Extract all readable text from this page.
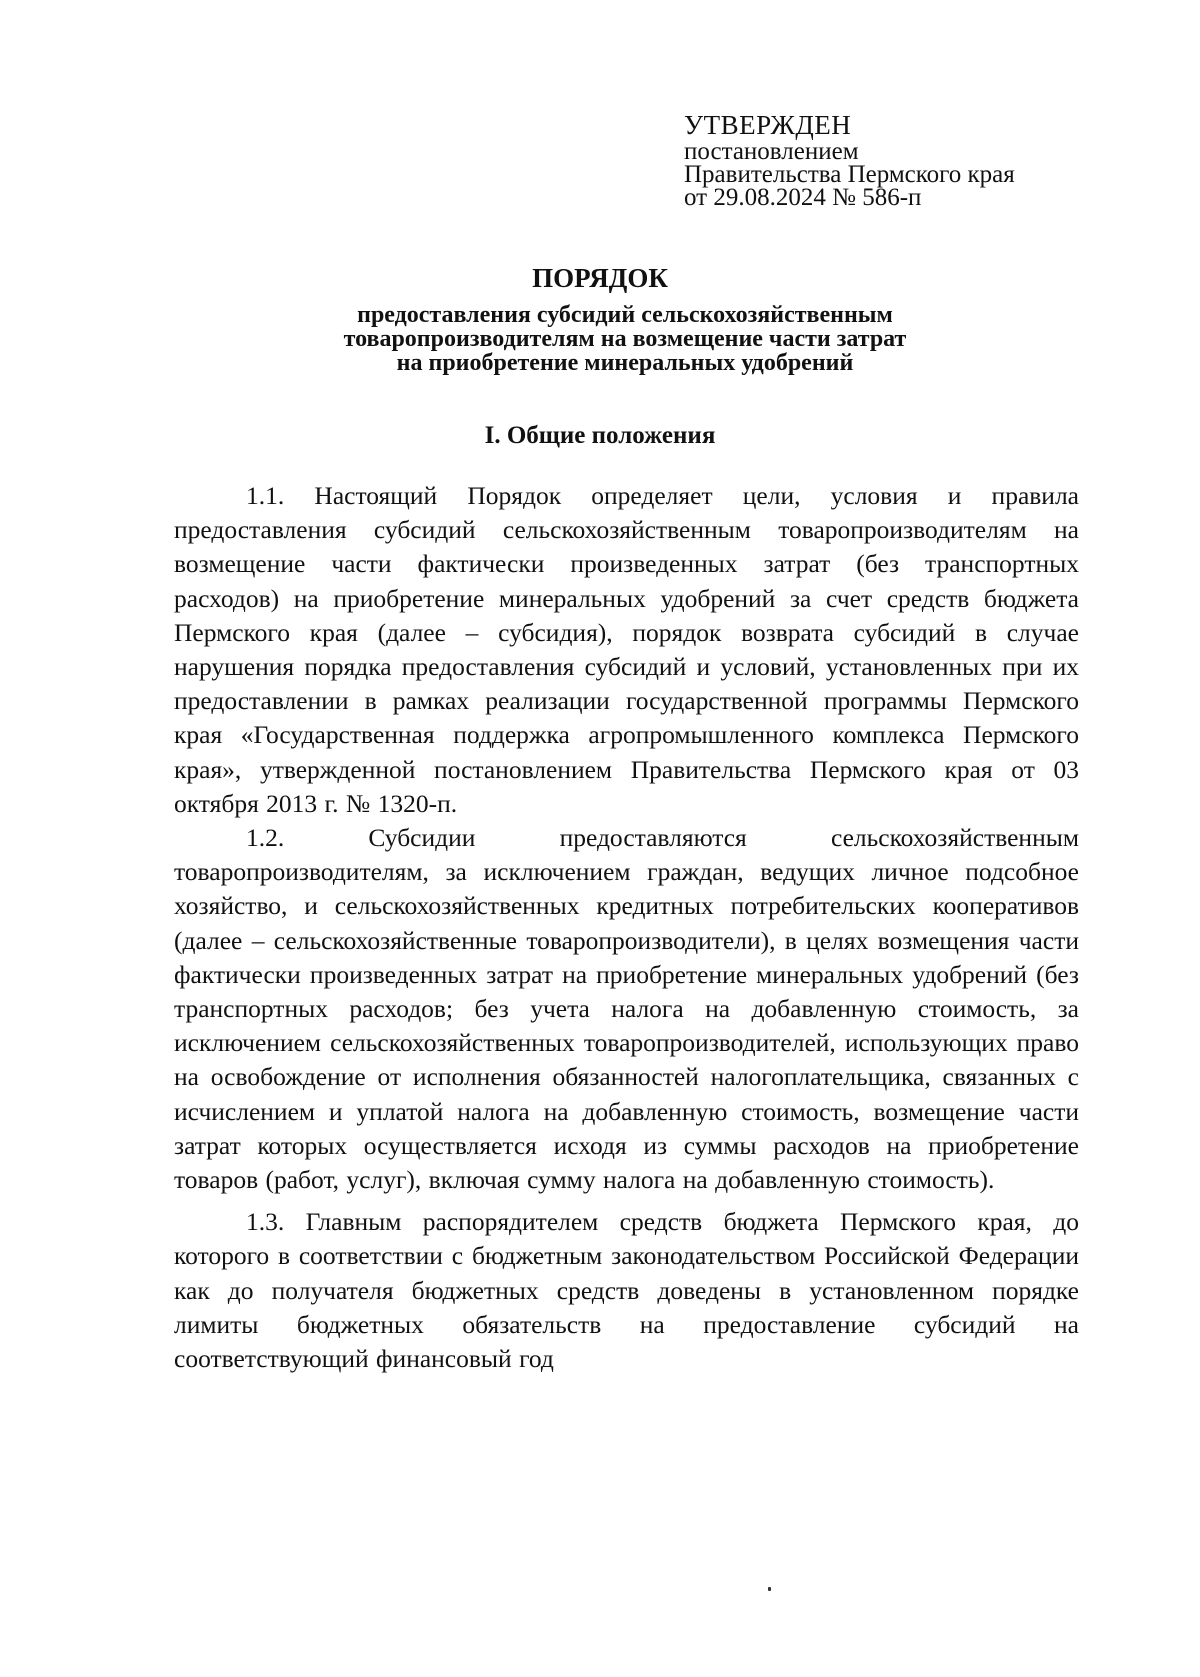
УТВЕРЖДЕН
постановлением
Правительства Пермского края
от 29.08.2024 № 586-п
ПОРЯДОК
предоставления субсидий сельскохозяйственным
товаропроизводителям на возмещение части затрат
на приобретение минеральных удобрений
I. Общие положения

1.1. Настоящий Порядок определяет цели, условия и правила предоставления субсидий сельскохозяйственным товаропроизводителям на возмещение части фактически произведенных затрат (без транспортных расходов) на приобретение минеральных удобрений за счет средств бюджета Пермского края (далее – субсидия), порядок возврата субсидий в случае нарушения порядка предоставления субсидий и условий, установленных при их предоставлении в рамках реализации государственной программы Пермского края «Государственная поддержка агропромышленного комплекса Пермского края», утвержденной постановлением Правительства Пермского края от 03 октября 2013 г. № 1320-п.

1.2. Субсидии предоставляются сельскохозяйственным товаропроизводителям, за исключением граждан, ведущих личное подсобное хозяйство, и сельскохозяйственных кредитных потребительских кооперативов (далее – сельскохозяйственные товаропроизводители), в целях возмещения части фактически произведенных затрат на приобретение минеральных удобрений (без транспортных расходов; без учета налога на добавленную стоимость, за исключением сельскохозяйственных товаропроизводителей, использующих право на освобождение от исполнения обязанностей налогоплательщика, связанных с исчислением и уплатой налога на добавленную стоимость, возмещение части затрат которых осуществляется исходя из суммы расходов на приобретение товаров (работ, услуг), включая сумму налога на добавленную стоимость).

1.3. Главным распорядителем средств бюджета Пермского края, до которого в соответствии с бюджетным законодательством Российской Федерации как до получателя бюджетных средств доведены в установленном порядке лимиты бюджетных обязательств на предоставление субсидий на соответствующий финансовый год
